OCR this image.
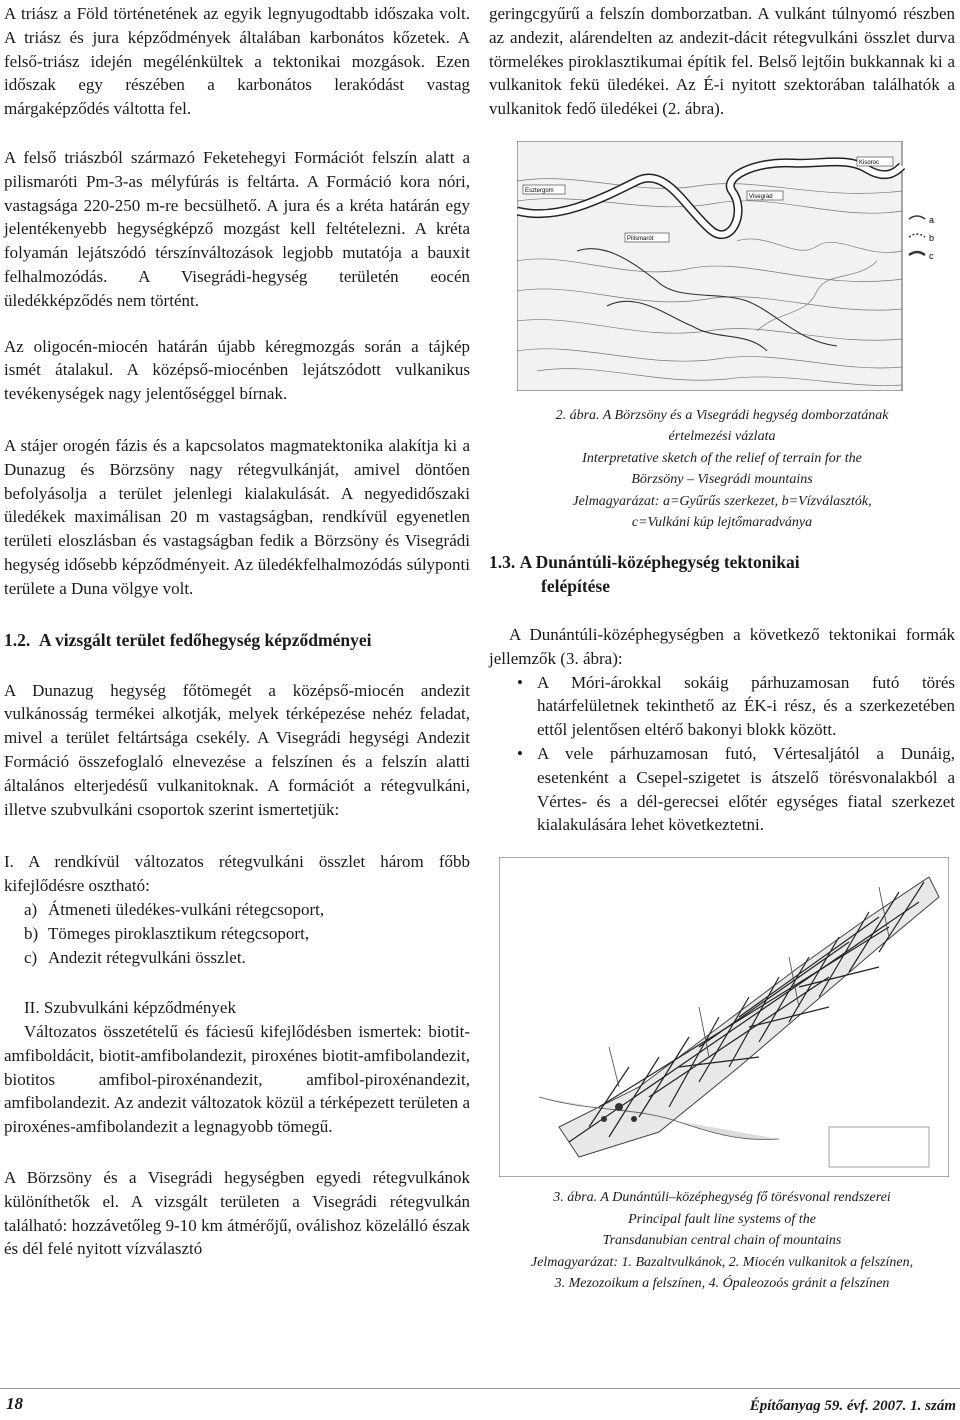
A triász a Föld történetének az egyik legnyugodtabb időszaka volt. A triász és jura képződmények általában karbonátos kőzetek. A felső-triász idején megélénkültek a tektonikai mozgások. Ezen időszak egy részében a karbonátos lerakódást vastag márgaképződés váltotta fel.

A felső triászból származó Feketehegyi Formációt felszín alatt a pilismaróti Pm-3-as mélyfúrás is feltárta. A Formáció kora nóri, vastagsága 220-250 m-re becsülhető. A jura és a kréta határán egy jelentékenyebb hegységképző mozgást kell feltételezni. A kréta folyamán lejátszódó térszínváltozások legjobb mutatója a bauxit felhalmozódás. A Visegrádi-hegység területén eocén üledékképződés nem történt.

Az oligocén-miocén határán újabb kéregmozgás során a tájkép ismét átalakul. A középső-miocénben lejátszódott vulkanikus tevékenységek nagy jelentőséggel bírnak.

A stájer orogén fázis és a kapcsolatos magmatektonika alakítja ki a Dunazug és Börzsöny nagy rétegvulkánját, amivel döntően befolyásolja a terület jelenlegi kialakulását. A negyedidőszaki üledékek maximálisan 20 m vastagságban, rendkívül egyenetlen területi eloszlásban és vastagságban fedik a Börzsöny és Visegrádi hegység idősebb képződményeit. Az üledékfelhalmozódás súlyponti területe a Duna völgye volt.

1.2. A vizsgált terület fedőhegység képződményei

A Dunazug hegység főtömegét a középső-miocén andezit vulkánosság termékei alkotják, melyek térképezése nehéz feladat, mivel a terület feltártsága csekély. A Visegrádi hegységi Andezit Formáció összefoglaló elnevezése a felszínen és a felszín alatti általános elterjedésű vulkanitoknak. A formációt a rétegvulkáni, illetve szubvulkáni csoportok szerint ismertetjük:

I. A rendkívül változatos rétegvulkáni összlet három főbb kifejlődésre osztható:

a) Átmeneti üledékes-vulkáni rétegcsoport,
b) Tömeges piroklasztikum rétegcsoport,
c) Andezit rétegvulkáni összlet.

II. Szubvulkáni képződmények

Változatos összetételű és fáciesű kifejlődésben ismertek: biotit-amfiboldácit, biotit-amfibolandezit, piroxénes biotit-amfibolandezit, biotitos amfibol-piroxénandezit, amfibol-piroxénandezit, amfibolandezit. Az andezit változatok közül a térképezett területen a piroxénes-amfibolandezit a legnagyobb tömegű.

A Börzsöny és a Visegrádi hegységben egyedi rétegvulkánok különíthetők el. A vizsgált területen a Visegrádi rétegvulkán található: hozzávetőleg 9-10 km átmérőjű, oválishoz közelálló észak és dél felé nyitott vízválasztó

geringcgyűrű a felszín domborzatban. A vulkánt túlnyomó részben az andezit, alárendelten az andezit-dácit rétegvulkáni összlet durva törmelékes piroklasztikumai építik fel. Belső lejtőin bukkannak ki a vulkanitok fekü üledékei. Az É-i nyitott szektorában találhatók a vulkanitok fedő üledékei (2. ábra).

Esztergom
Pilismarót
Visegrád
Kisoroc
a
b
c

2. ábra. A Börzsöny és a Visegrádi hegység domborzatának

értelmezési vázlata

Interpretative sketch of the relief of terrain for the

Börzsöny – Visegrádi mountains

Jelmagyarázat: a=Gyűrűs szerkezet, b=Vízválasztók,

c=Vulkáni kúp lejtőmaradványa

1.3. A Dunántúli-középhegység tektonikai
felépítése

A Dunántúli-középhegységben a következő tektonikai formák jellemzők (3. ábra):

• A Móri-árokkal sokáig párhuzamosan futó törés határfelületnek tekinthető az ÉK-i rész, és a szerkezetében ettől jelentősen eltérő bakonyi blokk között.
• A vele párhuzamosan futó, Vértesaljától a Dunáig, esetenként a Csepel-szigetet is átszelő törésvonalakból a Vértes- és a dél-gerecsei előtér egységes fiatal szerkezet kialakulására lehet következtetni.

3. ábra. A Dunántúli–középhegység fő törésvonal rendszerei

Principal fault line systems of the

Transdanubian central chain of mountains

Jelmagyarázat: 1. Bazaltvulkánok, 2. Miocén vulkanitok a felszínen,

3. Mezozoikum a felszínen, 4. Ópaleozoós gránit a felszínen

18	Építőanyag 59. évf. 2007. 1. szám
